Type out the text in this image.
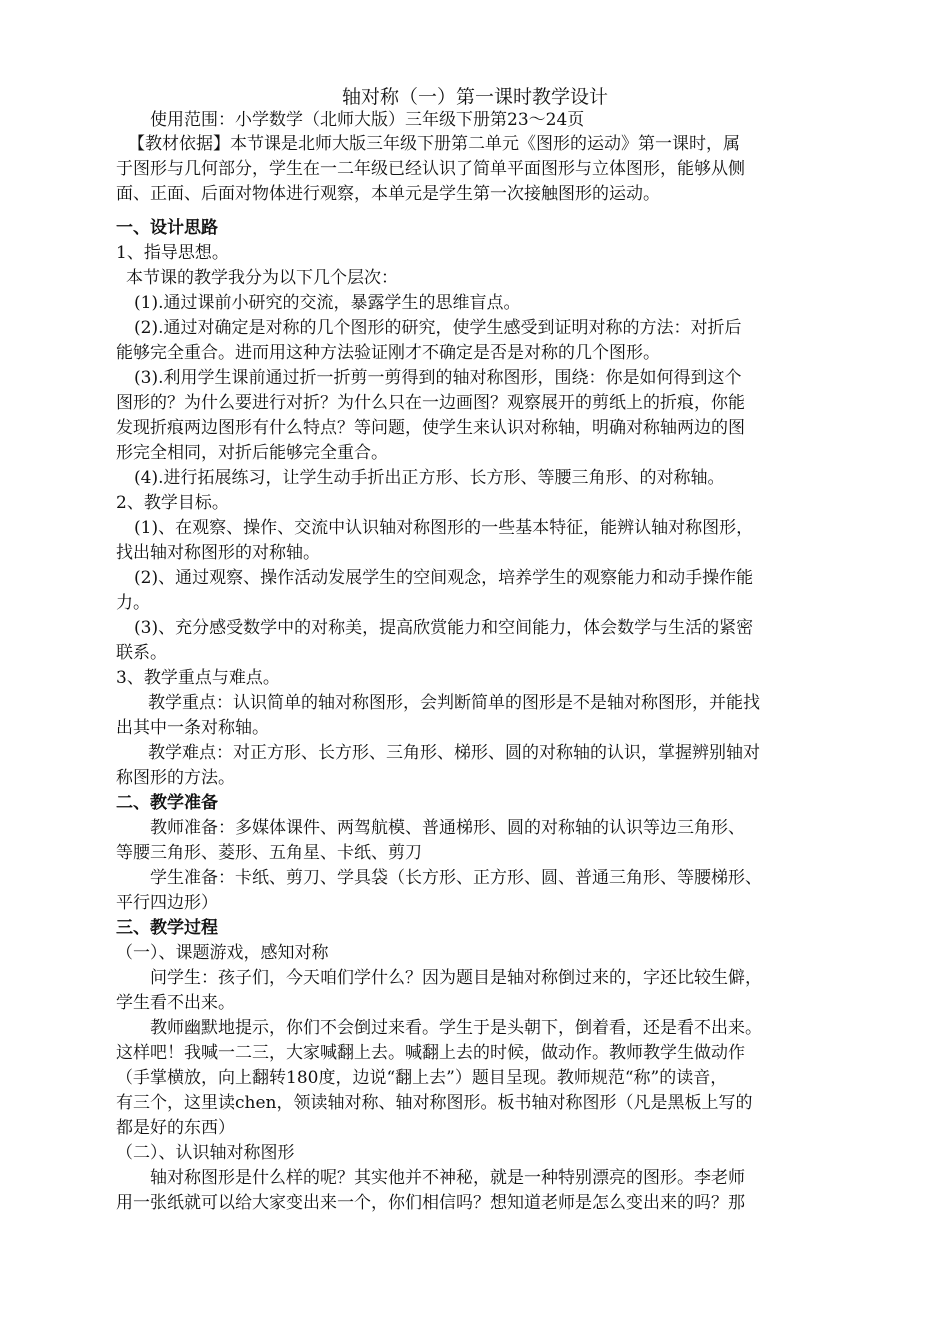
轴对称（一）第一课时教学设计
使用范围：小学数学（北师大版）三年级下册第23～24页
【教材依据】本节课是北师大版三年级下册第二单元《图形的运动》第一课时，属
于图形与几何部分，学生在一二年级已经认识了简单平面图形与立体图形，能够从侧
面、正面、后面对物体进行观察，本单元是学生第一次接触图形的运动。
一、设计思路
1、指导思想。
本节课的教学我分为以下几个层次：
(1).通过课前小研究的交流，暴露学生的思维盲点。
(2).通过对确定是对称的几个图形的研究，使学生感受到证明对称的方法：对折后
能够完全重合。进而用这种方法验证刚才不确定是否是对称的几个图形。
(3).利用学生课前通过折一折剪一剪得到的轴对称图形，围绕：你是如何得到这个
图形的？为什么要进行对折？为什么只在一边画图？观察展开的剪纸上的折痕，你能
发现折痕两边图形有什么特点？等问题，使学生来认识对称轴，明确对称轴两边的图
形完全相同，对折后能够完全重合。
(4).进行拓展练习，让学生动手折出正方形、长方形、等腰三角形、的对称轴。
2、教学目标。
(1)、在观察、操作、交流中认识轴对称图形的一些基本特征，能辨认轴对称图形，
找出轴对称图形的对称轴。
(2)、通过观察、操作活动发展学生的空间观念，培养学生的观察能力和动手操作能
力。
(3)、充分感受数学中的对称美，提高欣赏能力和空间能力，体会数学与生活的紧密
联系。
3、教学重点与难点。
教学重点：认识简单的轴对称图形，会判断简单的图形是不是轴对称图形，并能找
出其中一条对称轴。
教学难点：对正方形、长方形、三角形、梯形、圆的对称轴的认识，掌握辨别轴对
称图形的方法。
二、教学准备
教师准备：多媒体课件、两驾航模、普通梯形、圆的对称轴的认识等边三角形、
等腰三角形、菱形、五角星、卡纸、剪刀
学生准备：卡纸、剪刀、学具袋（长方形、正方形、圆、普通三角形、等腰梯形、
平行四边形）
三、教学过程
（一）、课题游戏，感知对称
问学生：孩子们，今天咱们学什么？因为题目是轴对称倒过来的，字还比较生僻，
学生看不出来。
教师幽默地提示，你们不会倒过来看。学生于是头朝下，倒着看，还是看不出来。
这样吧！我喊一二三，大家喊翻上去。喊翻上去的时候，做动作。教师教学生做动作
（手掌横放，向上翻转180度，边说“翻上去”）题目呈现。教师规范“称”的读音，
有三个，这里读chen，领读轴对称、轴对称图形。板书轴对称图形（凡是黑板上写的
都是好的东西）
（二）、认识轴对称图形
轴对称图形是什么样的呢？其实他并不神秘，就是一种特别漂亮的图形。李老师
用一张纸就可以给大家变出来一个，你们相信吗？想知道老师是怎么变出来的吗？那
